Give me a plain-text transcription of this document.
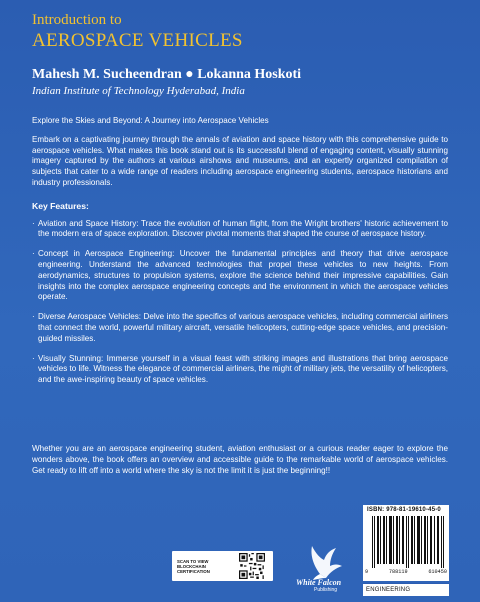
Introduction to
AEROSPACE VEHICLES
Mahesh M. Sucheendran ● Lokanna Hoskoti
Indian Institute of Technology Hyderabad, India

Explore the Skies and Beyond: A Journey into Aerospace Vehicles

Embark on a captivating journey through the annals of aviation and space history with this comprehensive guide to aerospace vehicles. What makes this book stand out is its successful blend of engaging content, visually stunning imagery captured by the authors at various airshows and museums, and an expertly organized compilation of subjects that cater to a wide range of readers including aerospace engineering students, aerospace historians and industry professionals.

Key Features:

· Aviation and Space History: Trace the evolution of human flight, from the Wright brothers' historic achievement to the modern era of space exploration. Discover pivotal moments that shaped the course of aerospace history.
· Concept in Aerospace Engineering: Uncover the fundamental principles and theory that drive aerospace engineering. Understand the advanced technologies that propel these vehicles to new heights. From aerodynamics, structures to propulsion systems, explore the science behind their impressive capabilities. Gain insights into the complex aerospace engineering concepts and the environment in which the aerospace vehicles operate.
· Diverse Aerospace Vehicles: Delve into the specifics of various aerospace vehicles, including commercial airliners that connect the world, powerful military aircraft, versatile helicopters, cutting-edge space vehicles, and precision-guided missiles.
· Visually Stunning: Immerse yourself in a visual feast with striking images and illustrations that bring aerospace vehicles to life. Witness the elegance of commercial airliners, the might of military jets, the versatility of helicopters, and the awe-inspiring beauty of space vehicles.

Whether you are an aerospace engineering student, aviation enthusiast or a curious reader eager to explore the wonders above, the book offers an overview and accessible guide to the remarkable world of aerospace vehicles. Get ready to lift off into a world where the sky is not the limit it is just the beginning!!

SCAN TO VIEW BLOCKCHAIN CERTIFICATION
White Falcon
Publishing
ISBN: 978-81-19610-45-0
9	788119	610450
ENGINEERING
